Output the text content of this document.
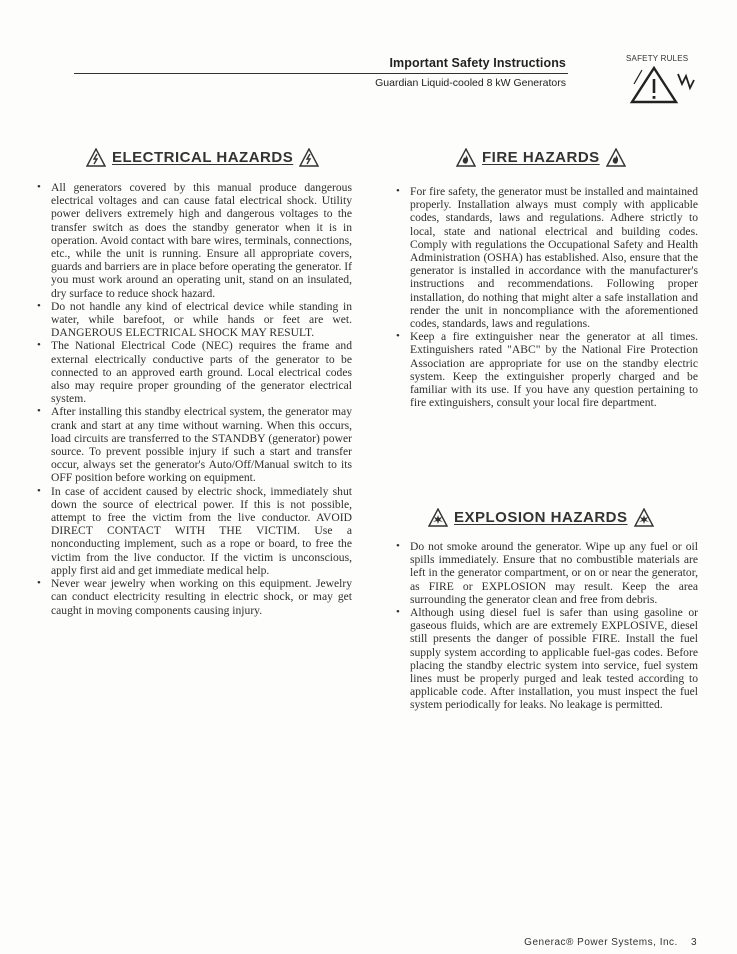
Important Safety Instructions
Guardian Liquid-cooled 8 kW Generators
SAFETY RULES
ELECTRICAL HAZARDS
• All generators covered by this manual produce dangerous electrical voltages and can cause fatal electrical shock. Utility power delivers extremely high and dangerous voltages to the transfer switch as does the standby generator when it is in operation. Avoid contact with bare wires, terminals, connections, etc., while the unit is running. Ensure all appropriate covers, guards and barriers are in place before operating the generator. If you must work around an operating unit, stand on an insulated, dry surface to reduce shock hazard.
• Do not handle any kind of electrical device while standing in water, while barefoot, or while hands or feet are wet. DANGEROUS ELECTRICAL SHOCK MAY RESULT.
• The National Electrical Code (NEC) requires the frame and external electrically conductive parts of the generator to be connected to an approved earth ground. Local electrical codes also may require proper grounding of the generator electrical system.
• After installing this standby electrical system, the generator may crank and start at any time without warning. When this occurs, load circuits are transferred to the STANDBY (generator) power source. To prevent possible injury if such a start and transfer occur, always set the generator's Auto/Off/Manual switch to its OFF position before working on equipment.
• In case of accident caused by electric shock, immediately shut down the source of electrical power. If this is not possible, attempt to free the victim from the live conductor. AVOID DIRECT CONTACT WITH THE VICTIM. Use a nonconducting implement, such as a rope or board, to free the victim from the live conductor. If the victim is unconscious, apply first aid and get immediate medical help.
• Never wear jewelry when working on this equipment. Jewelry can conduct electricity resulting in electric shock, or may get caught in moving components causing injury.
FIRE HAZARDS
• For fire safety, the generator must be installed and maintained properly. Installation always must comply with applicable codes, standards, laws and regulations. Adhere strictly to local, state and national electrical and building codes. Comply with regulations the Occupational Safety and Health Administration (OSHA) has established. Also, ensure that the generator is installed in accordance with the manufacturer's instructions and recommendations. Following proper installation, do nothing that might alter a safe installation and render the unit in noncompliance with the aforementioned codes, standards, laws and regulations.
• Keep a fire extinguisher near the generator at all times. Extinguishers rated "ABC" by the National Fire Protection Association are appropriate for use on the standby electric system. Keep the extinguisher properly charged and be familiar with its use. If you have any question pertaining to fire extinguishers, consult your local fire department.
EXPLOSION HAZARDS
• Do not smoke around the generator. Wipe up any fuel or oil spills immediately. Ensure that no combustible materials are left in the generator compartment, or on or near the generator, as FIRE or EXPLOSION may result. Keep the area surrounding the generator clean and free from debris.
• Although using diesel fuel is safer than using gasoline or gaseous fluids, which are are extremely EXPLOSIVE, diesel still presents the danger of possible FIRE. Install the fuel supply system according to applicable fuel-gas codes. Before placing the standby electric system into service, fuel system lines must be properly purged and leak tested according to applicable code. After installation, you must inspect the fuel system periodically for leaks. No leakage is permitted.
Generac® Power Systems, Inc. 3
